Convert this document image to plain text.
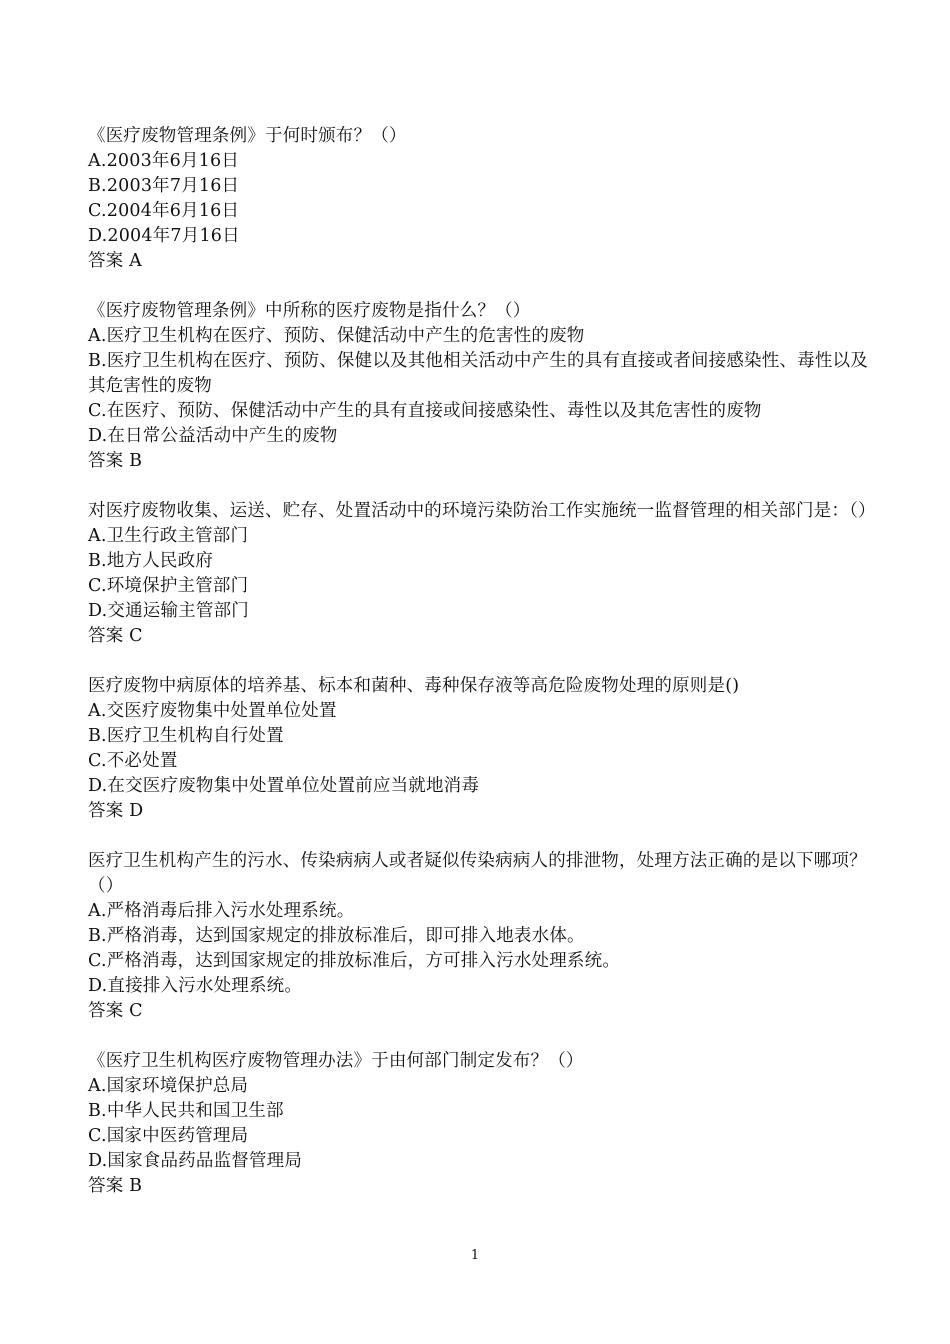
《医疗废物管理条例》于何时颁布？（）
A.2003年6月16日
B.2003年7月16日
C.2004年6月16日
D.2004年7月16日
答案 A
《医疗废物管理条例》中所称的医疗废物是指什么？（）
A.医疗卫生机构在医疗、预防、保健活动中产生的危害性的废物
B.医疗卫生机构在医疗、预防、保健以及其他相关活动中产生的具有直接或者间接感染性、毒性以及其危害性的废物
C.在医疗、预防、保健活动中产生的具有直接或间接感染性、毒性以及其危害性的废物
D.在日常公益活动中产生的废物
答案 B
对医疗废物收集、运送、贮存、处置活动中的环境污染防治工作实施统一监督管理的相关部门是：（）
A.卫生行政主管部门
B.地方人民政府
C.环境保护主管部门
D.交通运输主管部门
答案 C
医疗废物中病原体的培养基、标本和菌种、毒种保存液等高危险废物处理的原则是()
A.交医疗废物集中处置单位处置
B.医疗卫生机构自行处置
C.不必处置
D.在交医疗废物集中处置单位处置前应当就地消毒
答案 D
医疗卫生机构产生的污水、传染病病人或者疑似传染病病人的排泄物，处理方法正确的是以下哪项？（）
A.严格消毒后排入污水处理系统。
B.严格消毒，达到国家规定的排放标准后，即可排入地表水体。
C.严格消毒，达到国家规定的排放标准后，方可排入污水处理系统。
D.直接排入污水处理系统。
答案 C
《医疗卫生机构医疗废物管理办法》于由何部门制定发布？（）
A.国家环境保护总局
B.中华人民共和国卫生部
C.国家中医药管理局
D.国家食品药品监督管理局
答案 B
1
